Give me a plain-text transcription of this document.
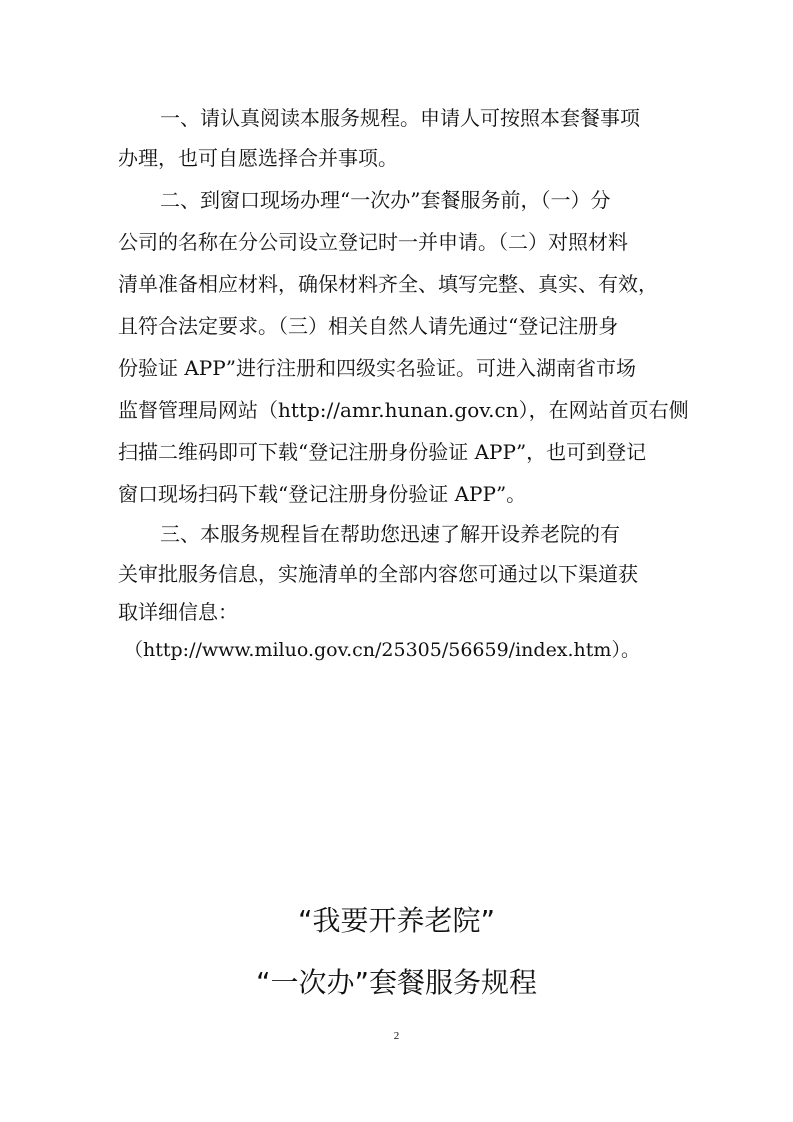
一、请认真阅读本服务规程。申请人可按照本套餐事项
办理，也可自愿选择合并事项。
二、到窗口现场办理“一次办”套餐服务前，（一）分
公司的名称在分公司设立登记时一并申请。（二）对照材料
清单准备相应材料，确保材料齐全、填写完整、真实、有效，
且符合法定要求。（三）相关自然人请先通过“登记注册身
份验证 APP”进行注册和四级实名验证。可进入湖南省市场
监督管理局网站（http://amr.hunan.gov.cn），在网站首页右侧
扫描二维码即可下载“登记注册身份验证 APP”，也可到登记
窗口现场扫码下载“登记注册身份验证 APP”。
三、本服务规程旨在帮助您迅速了解开设养老院的有
关审批服务信息，实施清单的全部内容您可通过以下渠道获
取详细信息：
（http://www.miluo.gov.cn/25305/56659/index.htm）。
“我要开养老院”
“一次办”套餐服务规程
2
